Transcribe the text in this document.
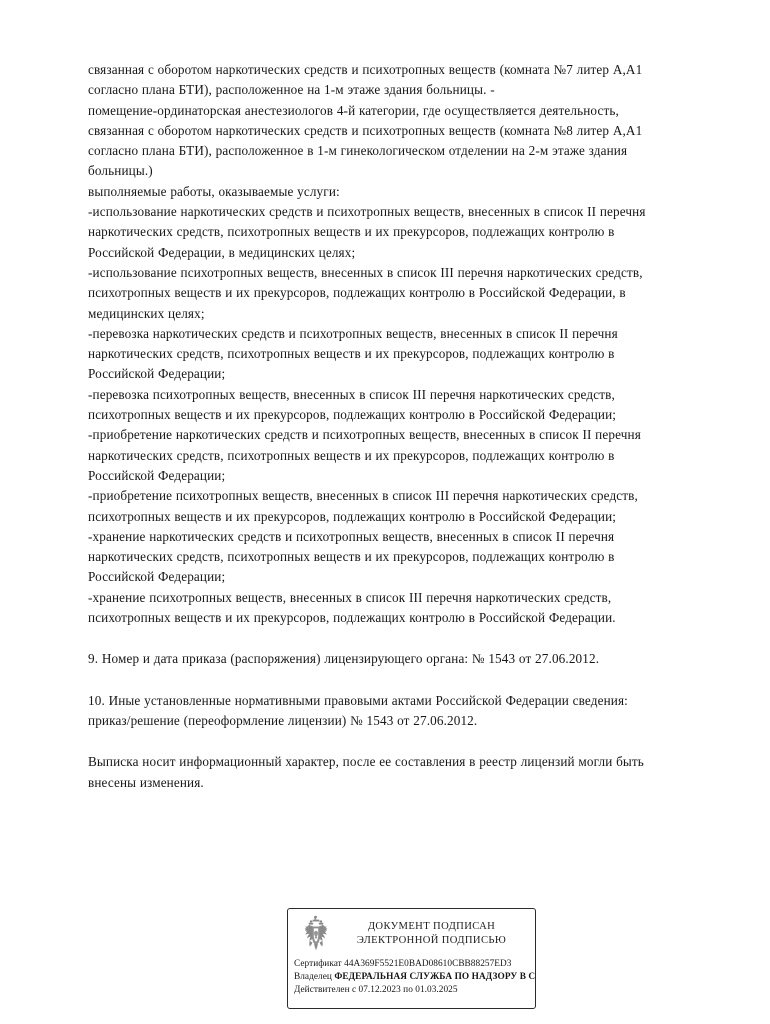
связанная с оборотом наркотических средств и психотропных веществ (комната №7 литер А,А1

согласно плана БТИ), расположенное на 1-м этаже здания больницы. -

помещение-ординаторская анестезиологов 4-й категории, где осуществляется деятельность,

связанная с оборотом наркотических средств и психотропных веществ (комната №8 литер А,А1

согласно плана БТИ), расположенное в 1-м гинекологическом отделении на 2-м этаже здания

больницы.)

выполняемые работы, оказываемые услуги:

-использование наркотических средств и психотропных веществ, внесенных в список II перечня

наркотических средств, психотропных веществ и их прекурсоров, подлежащих контролю в

Российской Федерации, в медицинских целях;

-использование психотропных веществ, внесенных в список III перечня наркотических средств,

психотропных веществ и их прекурсоров, подлежащих контролю в Российской Федерации, в

медицинских целях;

-перевозка наркотических средств и психотропных веществ, внесенных в список II перечня

наркотических средств, психотропных веществ и их прекурсоров, подлежащих контролю в

Российской Федерации;

-перевозка психотропных веществ, внесенных в список III перечня наркотических средств,

психотропных веществ и их прекурсоров, подлежащих контролю в Российской Федерации;

-приобретение наркотических средств и психотропных веществ, внесенных в список II перечня

наркотических средств, психотропных веществ и их прекурсоров, подлежащих контролю в

Российской Федерации;

-приобретение психотропных веществ, внесенных в список III перечня наркотических средств,

психотропных веществ и их прекурсоров, подлежащих контролю в Российской Федерации;

-хранение наркотических средств и психотропных веществ, внесенных в список II перечня

наркотических средств, психотропных веществ и их прекурсоров, подлежащих контролю в

Российской Федерации;

-хранение психотропных веществ, внесенных в список III перечня наркотических средств,

психотропных веществ и их прекурсоров, подлежащих контролю в Российской Федерации.

9. Номер и дата приказа (распоряжения) лицензирующего органа: № 1543 от 27.06.2012.

10. Иные установленные нормативными правовыми актами Российской Федерации сведения:

приказ/решение (переоформление лицензии) № 1543 от 27.06.2012.

Выписка носит информационный характер, после ее составления в реестр лицензий могли быть

внесены изменения.

ДОКУМЕНТ ПОДПИСАН
ЭЛЕКТРОННОЙ ПОДПИСЬЮ
Сертификат 44A369F5521E0BAD08610CBB88257ED3
Владелец ФЕДЕРАЛЬНАЯ СЛУЖБА ПО НАДЗОРУ В С
Действителен с 07.12.2023 по 01.03.2025
